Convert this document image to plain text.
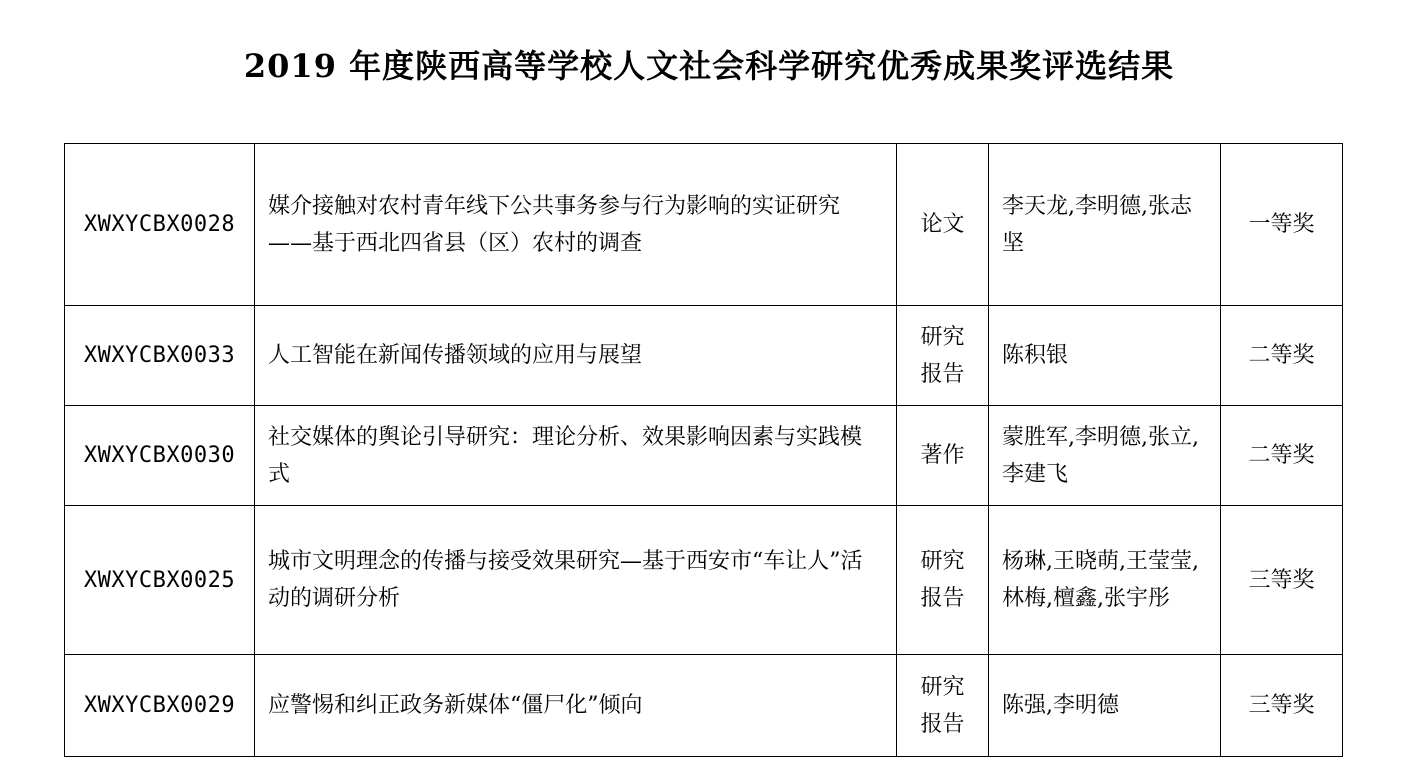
2019 年度陕西高等学校人文社会科学研究优秀成果奖评选结果
XWXYCBX0028	媒介接触对农村青年线下公共事务参与行为影响的实证研究——基于西北四省县（区）农村的调查	论文	李天龙,李明德,张志坚	一等奖
XWXYCBX0033	人工智能在新闻传播领域的应用与展望	研究报告	陈积银	二等奖
XWXYCBX0030	社交媒体的舆论引导研究：理论分析、效果影响因素与实践模式	著作	蒙胜军,李明德,张立,李建飞	二等奖
XWXYCBX0025	城市文明理念的传播与接受效果研究—基于西安市“车让人”活动的调研分析	研究报告	杨琳,王晓萌,王莹莹,林梅,檀鑫,张宇彤	三等奖
XWXYCBX0029	应警惕和纠正政务新媒体“僵尸化”倾向	研究报告	陈强,李明德	三等奖
